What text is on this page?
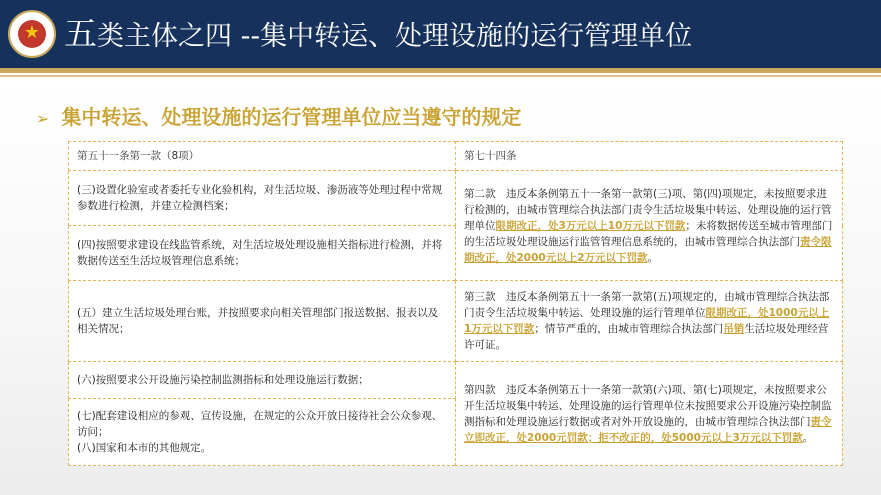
★ 五类主体之四 --集中转运、处理设施的运行管理单位
➢ 集中转运、处理设施的运行管理单位应当遵守的规定
第五十一条第一款（8项）	第七十四条
(三)设置化验室或者委托专业化验机构，对生活垃圾、渗沥液等处理过程中常规参数进行检测，并建立检测档案；	第二款　违反本条例第五十一条第一款第(三)项、第(四)项规定，未按照要求进行检测的，由城市管理综合执法部门责令生活垃圾集中转运、处理设施的运行管理单位限期改正，处3万元以上10万元以下罚款；未将数据传送至城市管理部门的生活垃圾处理设施运行监管管理信息系统的，由城市管理综合执法部门责令限期改正，处2000元以上2万元以下罚款。
(四)按照要求建设在线监管系统，对生活垃圾处理设施相关指标进行检测，并将数据传送至生活垃圾管理信息系统；	
(五）建立生活垃圾处理台账，并按照要求向相关管理部门报送数据、报表以及相关情况；	第三款　违反本条例第五十一条第一款第(五)项规定的，由城市管理综合执法部门责令生活垃圾集中转运、处理设施的运行管理单位限期改正，处1000元以上1万元以下罚款；情节严重的，由城市管理综合执法部门吊销生活垃圾处理经营许可证。
(六)按照要求公开设施污染控制监测指标和处理设施运行数据；	第四款　违反本条例第五十一条第一款第(六)项、第(七)项规定，未按照要求公开生活垃圾集中转运、处理设施的运行管理单位未按照要求公开设施污染控制监测指标和处理设施运行数据或者对外开放设施的，由城市管理综合执法部门责令立即改正，处2000元罚款；拒不改正的，处5000元以上3万元以下罚款。

(七)配套建设相应的参观、宣传设施，在规定的公众开放日接待社会公众参观、访问；
(八)国家和本市的其他规定。	
